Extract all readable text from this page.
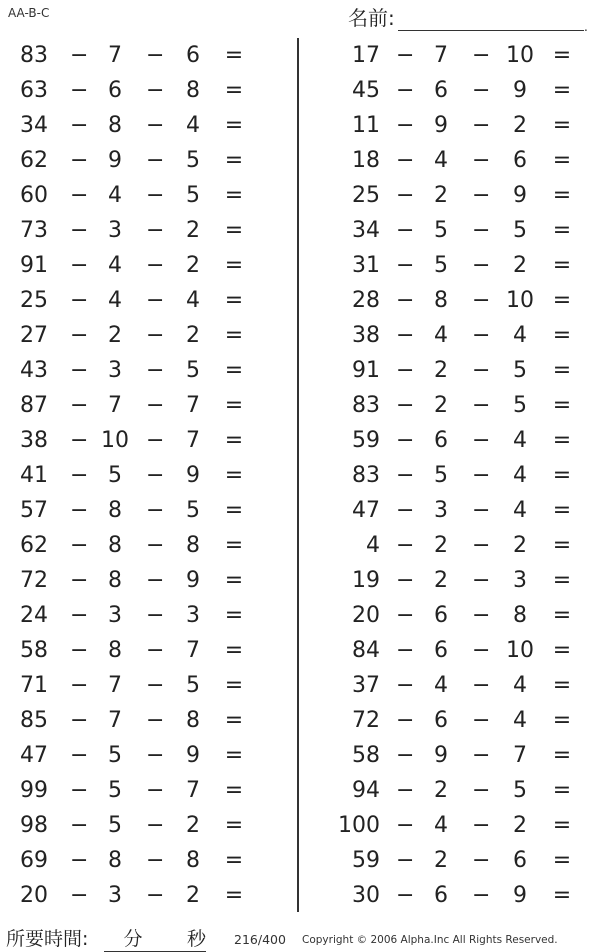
AA-B-C	名前:	.
83 − 7	− 6	=
63 − 6	− 8	=
34 − 8	− 4	=
62 − 9	− 5	=
60 − 4	− 5	=
73 − 3	− 2	=
91 − 4	− 2	=
25 − 4	− 4	=
27 − 2	− 2	=
43 − 3	− 5	=
87 − 7	− 7	=
38 − 10 − 7	=
41 − 5	− 9	=
57 − 8	− 5	=
62 − 8	− 8	=
72 − 8	− 9	=
24 − 3	− 3	=
58 − 8	− 7	=
71 − 7	− 5	=
85 − 7	− 8	=
47 − 5	− 9	=
99 − 5	− 7	=
98 − 5	− 2	=
69 − 8	− 8	=
20 − 3	− 2	=
17 − 7	− 10 =
45 − 6	−	9	=
11 − 9	−	2	=
18 − 4	−	6	=
25 − 2	−	9	=
34 − 5	−	5	=
31 − 5	−	2	=
28 − 8	− 10 =
38 − 4	−	4	=
91 − 2	−	5	=
83 − 2	−	5	=
59 − 6	−	4	=
83 − 5	−	4	=
47 − 3	−	4	=
4 − 2	−	2	=
19 − 2	−	3	=
20 − 6	−	8	=
84 − 6	− 10 =
37 − 4	−	4	=
72 − 6	−	4	=
58 − 9	−	7	=
94 − 2	−	5	=
100 − 4	−	2	=
59 − 2	−	6	=
30 − 6	−	9	=
所要時間:	分	秒 216/400 Copyright © 2006 Alpha.Inc All Rights Reserved.
